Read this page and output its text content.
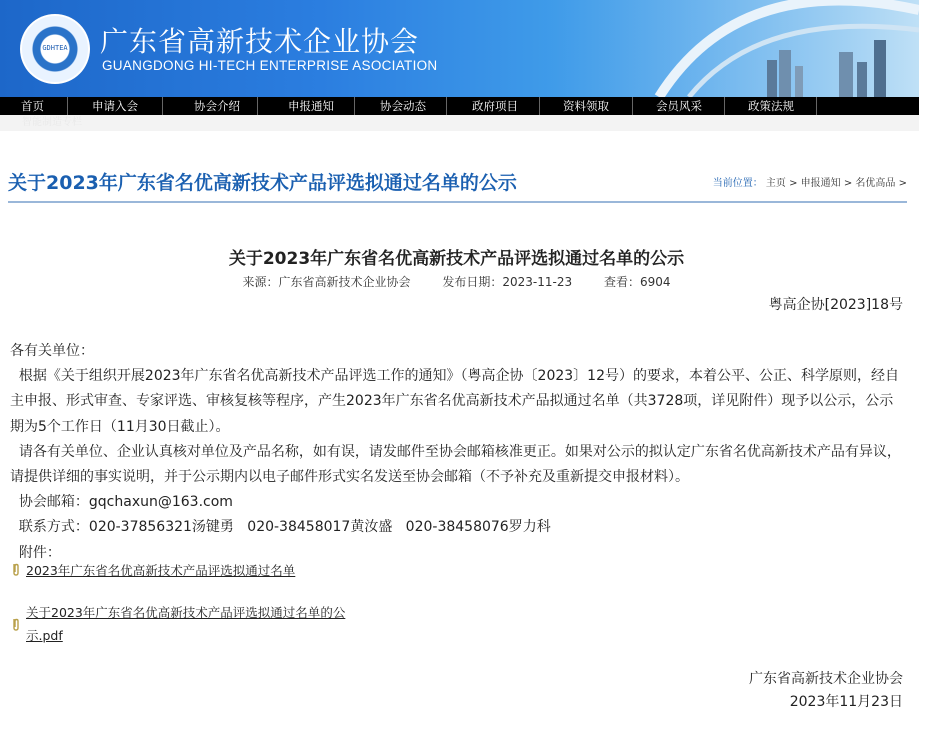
GDHTEA 广东省高新技术企业协会
GUANGDONG HI-TECH ENTERPRISE ASOCIATION
首页	申请入会	协会介绍	申报通知	协会动态	政府项目	资料领取	会员风采	政策法规
智能制造专栏
关于2023年广东省名优高新技术产品评选拟通过名单的公示	当前位置： 主页 > 申报通知 > 名优高品 >
关于2023年广东省名优高新技术产品评选拟通过名单的公示
来源：广东省高新技术企业协会	发布日期：2023-11-23	查看：6904
粤高企协[2023]18号

各有关单位：

根据《关于组织开展2023年广东省名优高新技术产品评选工作的通知》（粤高企协〔2023〕12号）的要求，本着公平、公正、科学原则，经自主申报、形式审查、专家评选、审核复核等程序，产生2023年广东省名优高新技术产品拟通过名单（共3728项，详见附件）现予以公示，公示期为5个工作日（11月30日截止）。

请各有关单位、企业认真核对单位及产品名称，如有误，请发邮件至协会邮箱核准更正。如果对公示的拟认定广东省名优高新技术产品有异议，请提供详细的事实说明，并于公示期内以电子邮件形式实名发送至协会邮箱（不予补充及重新提交申报材料）。

协会邮箱：gqchaxun@163.com

联系方式：020-37856321汤键勇   020-38458017黄汝盛   020-38458076罗力科

附件：

2023年广东省名优高新技术产品评选拟通过名单
关于2023年广东省名优高新技术产品评选拟通过名单的公
示.pdf
广东省高新技术企业协会
2023年11月23日
